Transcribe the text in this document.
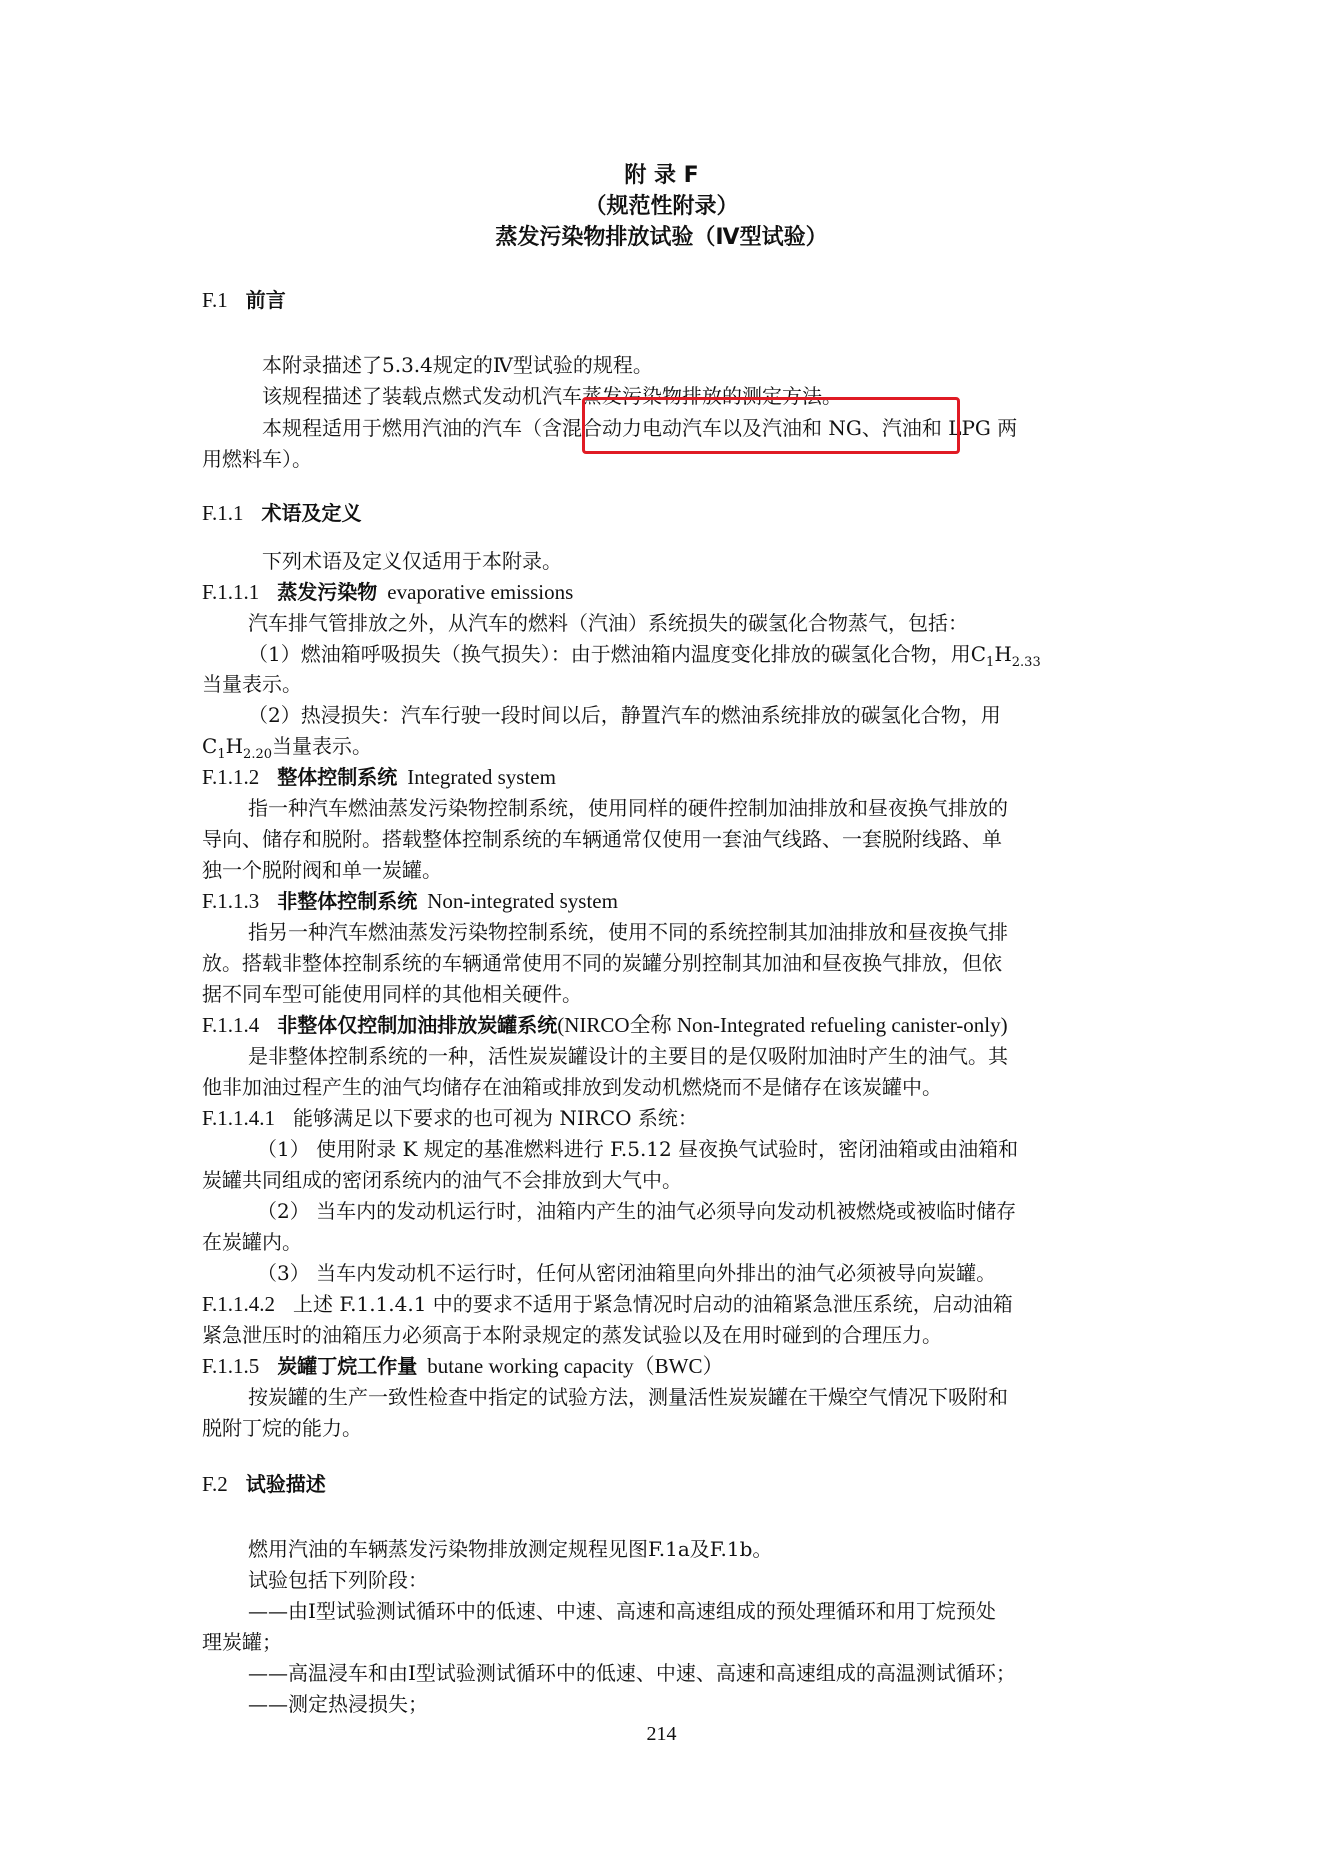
附 录 F
（规范性附录）
蒸发污染物排放试验（Ⅳ型试验）
F.1 前言
本附录描述了5.3.4规定的Ⅳ型试验的规程。
该规程描述了装载点燃式发动机汽车蒸发污染物排放的测定方法。
本规程适用于燃用汽油的汽车（含混合动力电动汽车以及汽油和 NG、汽油和 LPG 两
用燃料车）。
F.1.1 术语及定义
下列术语及定义仅适用于本附录。
F.1.1.1 蒸发污染物 evaporative emissions
汽车排气管排放之外，从汽车的燃料（汽油）系统损失的碳氢化合物蒸气，包括：
（1）燃油箱呼吸损失（换气损失）：由于燃油箱内温度变化排放的碳氢化合物，用$C_1H_{2.33}$
当量表示。
（2）热浸损失：汽车行驶一段时间以后，静置汽车的燃油系统排放的碳氢化合物，用
$C_1H_{2.20}$当量表示。
F.1.1.2 整体控制系统 Integrated system
指一种汽车燃油蒸发污染物控制系统，使用同样的硬件控制加油排放和昼夜换气排放的
导向、储存和脱附。搭载整体控制系统的车辆通常仅使用一套油气线路、一套脱附线路、单
独一个脱附阀和单一炭罐。
F.1.1.3 非整体控制系统 Non-integrated system
指另一种汽车燃油蒸发污染物控制系统，使用不同的系统控制其加油排放和昼夜换气排
放。搭载非整体控制系统的车辆通常使用不同的炭罐分别控制其加油和昼夜换气排放，但依
据不同车型可能使用同样的其他相关硬件。
F.1.1.4 非整体仅控制加油排放炭罐系统(NIRCO全称 Non-Integrated refueling canister-only)
是非整体控制系统的一种，活性炭炭罐设计的主要目的是仅吸附加油时产生的油气。其
他非加油过程产生的油气均储存在油箱或排放到发动机燃烧而不是储存在该炭罐中。
F.1.1.4.1 能够满足以下要求的也可视为 NIRCO 系统：
（1） 使用附录 K 规定的基准燃料进行 F.5.12 昼夜换气试验时，密闭油箱或由油箱和
炭罐共同组成的密闭系统内的油气不会排放到大气中。
（2） 当车内的发动机运行时，油箱内产生的油气必须导向发动机被燃烧或被临时储存
在炭罐内。
（3） 当车内发动机不运行时，任何从密闭油箱里向外排出的油气必须被导向炭罐。
F.1.1.4.2 上述 F.1.1.4.1 中的要求不适用于紧急情况时启动的油箱紧急泄压系统，启动油箱
紧急泄压时的油箱压力必须高于本附录规定的蒸发试验以及在用时碰到的合理压力。
F.1.1.5 炭罐丁烷工作量 butane working capacity（BWC）
按炭罐的生产一致性检查中指定的试验方法，测量活性炭炭罐在干燥空气情况下吸附和
脱附丁烷的能力。
F.2 试验描述
燃用汽油的车辆蒸发污染物排放测定规程见图F.1a及F.1b。
试验包括下列阶段：
——由Ⅰ型试验测试循环中的低速、中速、高速和高速组成的预处理循环和用丁烷预处
理炭罐；
——高温浸车和由Ⅰ型试验测试循环中的低速、中速、高速和高速组成的高温测试循环；
——测定热浸损失；
214
